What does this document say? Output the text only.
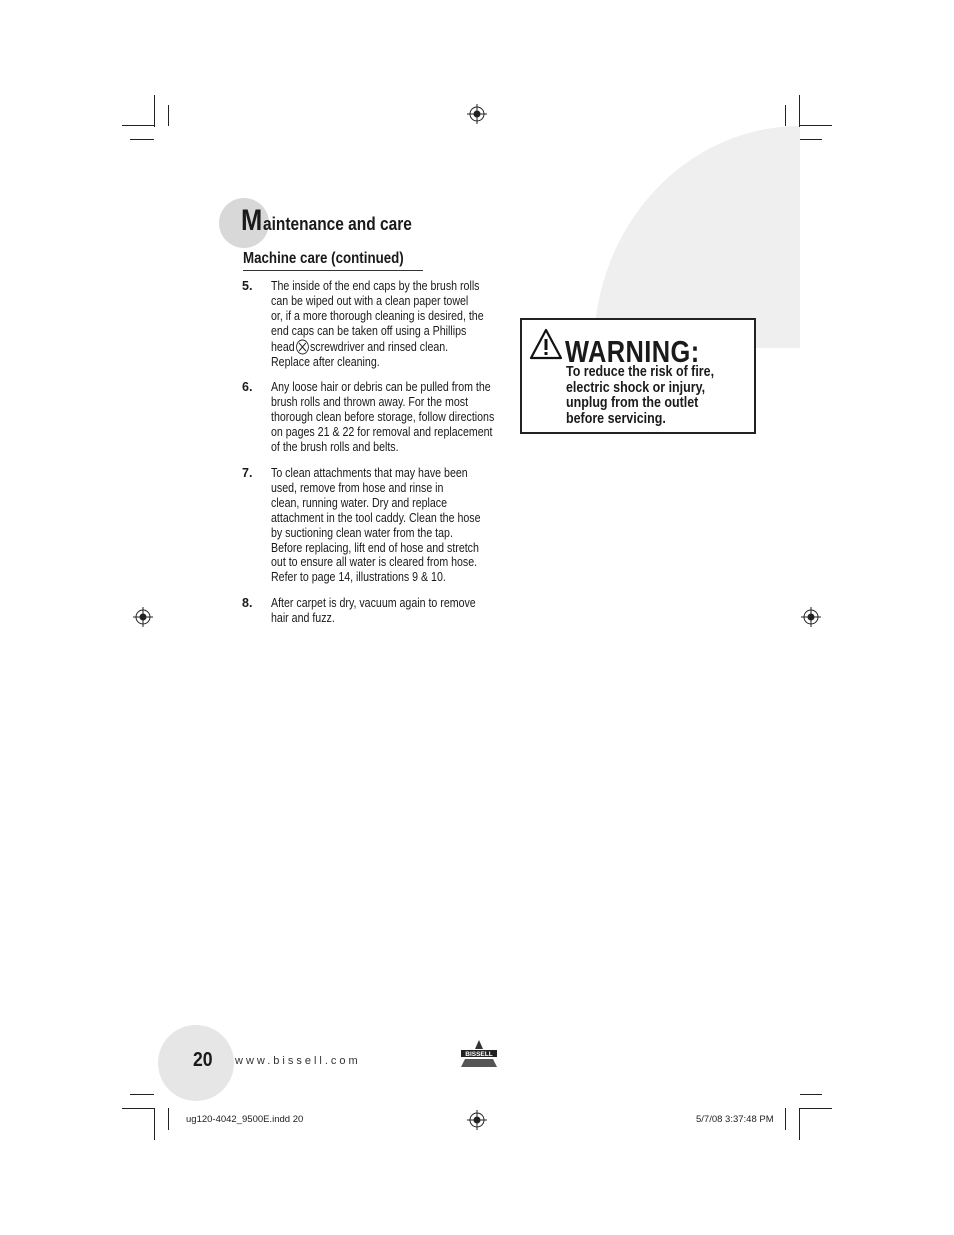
M aintenance and care
Machine care (continued)
5. The inside of the end caps by the brush rolls
can be wiped out with a clean paper towel
or, if a more thorough cleaning is desired, the
end caps can be taken off using a Phillips
head screwdriver and rinsed clean.
Replace after cleaning.
6. Any loose hair or debris can be pulled from the
brush rolls and thrown away. For the most
thorough clean before storage, follow directions
on pages 21 & 22 for removal and replacement
of the brush rolls and belts.
7. To clean attachments that may have been
used, remove from hose and rinse in
clean, running water. Dry and replace
attachment in the tool caddy. Clean the hose
by suctioning clean water from the tap.
Before replacing, lift end of hose and stretch
out to ensure all water is cleared from hose.
Refer to page 14, illustrations 9 & 10.
8. After carpet is dry, vacuum again to remove
hair and fuzz.
WARNING:
To reduce the risk of fire,
electric shock or injury,
unplug from the outlet
before servicing.
20 www.bissell.com
BISSELL
ug120-4042_9500E.indd 20	5/7/08 3:37:48 PM
